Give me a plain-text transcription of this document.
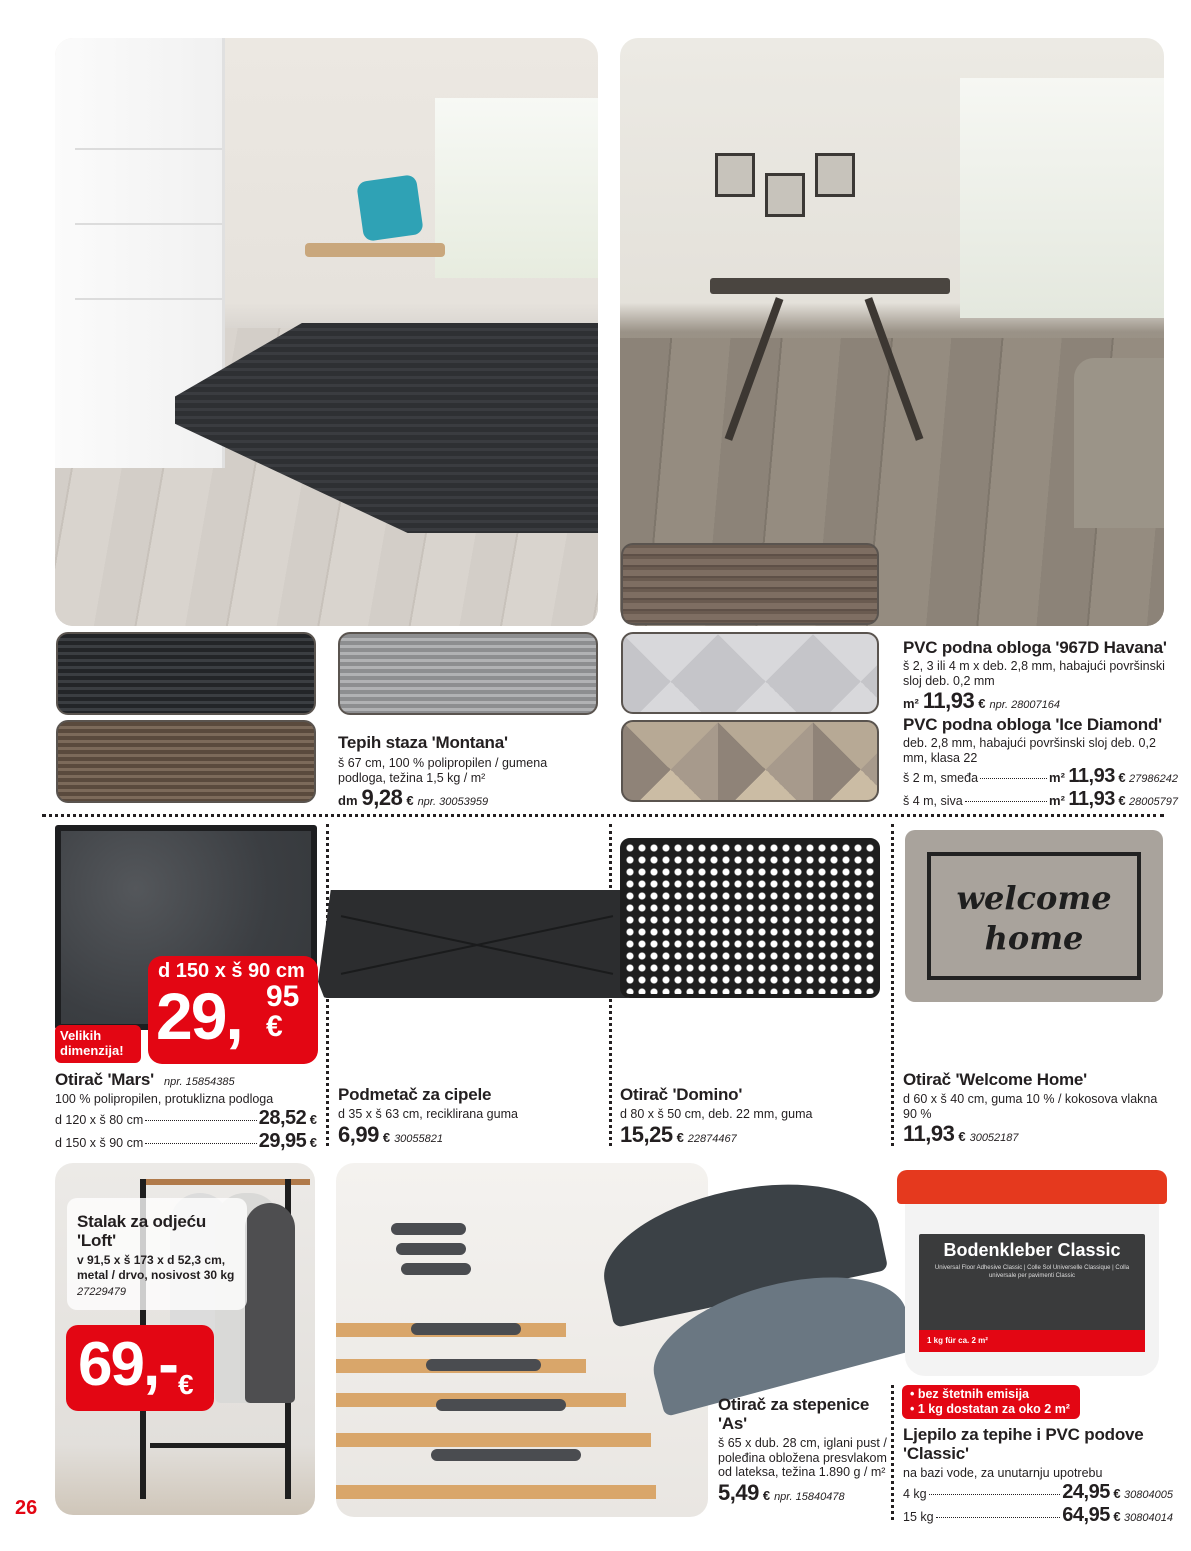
Tepih staza 'Montana'
š 67 cm, 100 % polipropilen / gumena podloga, težina 1,5 kg / m²
dm 9,28 € npr. 30053959
PVC podna obloga '967D Havana'
š 2, 3 ili 4 m x deb. 2,8 mm, habajući površinski sloj deb. 0,2 mm
m² 11,93 € npr. 28007164
PVC podna obloga 'Ice Diamond'
deb. 2,8 mm, habajući površinski sloj deb. 0,2 mm, klasa 22
š 2 m, smeđa	m²
11,93
€
27986242
š 4 m, siva	m²
11,93
€
28005797
welcome home
d 150 x š 90 cm
29, 95
€
Velikih dimenzija!
Otirač 'Mars' npr. 15854385
100 % polipropilen, protuklizna podloga
d 120 x š 80 cm	28,52
€
d 150 x š 90 cm	29,95
€
Podmetač za cipele
d 35 x š 63 cm, reciklirana guma
6,99 € 30055821
Otirač 'Domino'
d 80 x š 50 cm, deb. 22 mm, guma
15,25 € 22874467
Otirač 'Welcome Home'
d 60 x š 40 cm, guma 10 % / kokosova vlakna 90 %
11,93 € 30052187
Stalak za odjeću 'Loft'
v 91,5 x š 173 x d 52,3 cm, metal / drvo, nosivost 30 kg
27229479
69,- €
Otirač za stepenice 'As'
š 65 x dub. 28 cm, iglani pust / poleđina obložena presvlakom od lateksa, težina 1.890 g / m²
5,49 € npr. 15840478
Bodenkleber Classic
Universal Floor Adhesive Classic | Colle Sol Universelle Classique | Colla universale per pavimenti Classic
1 kg für ca. 2 m²
• bez štetnih emisija
• 1 kg dostatan za oko 2 m²
Ljepilo za tepihe i PVC podove 'Classic'
na bazi vode, za unutarnju upotrebu
4 kg	24,95
€
30804005
15 kg	64,95
€
30804014
26
